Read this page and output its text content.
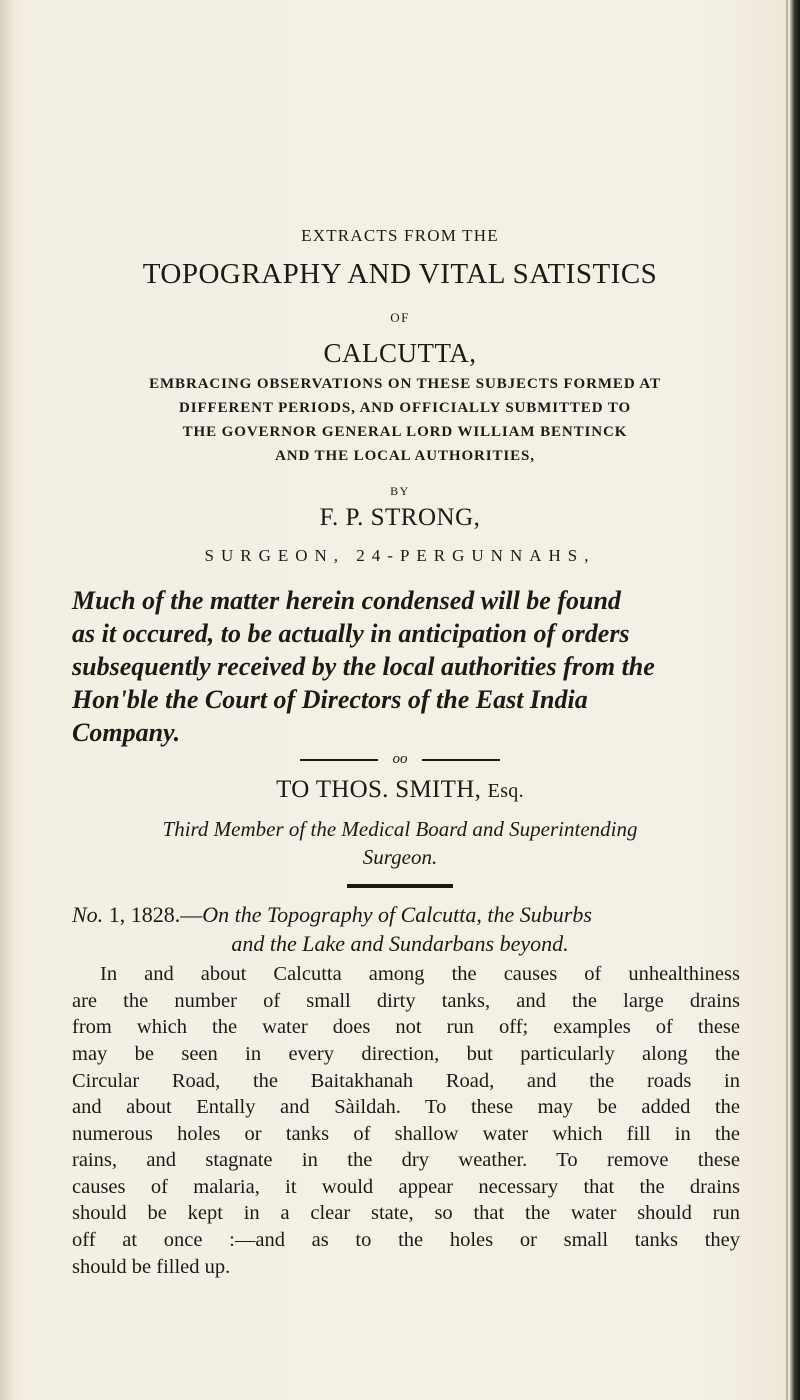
EXTRACTS FROM THE
TOPOGRAPHY AND VITAL SATISTICS
OF
CALCUTTA,
EMBRACING OBSERVATIONS ON THESE SUBJECTS FORMED AT
DIFFERENT PERIODS, AND OFFICIALLY SUBMITTED TO
THE GOVERNOR GENERAL LORD WILLIAM BENTINCK
AND THE LOCAL AUTHORITIES,
BY
F. P. STRONG,
SURGEON, 24-PERGUNNAHS,
Much of the matter herein condensed will be found
as it occured, to be actually in anticipation of orders
subsequently received by the local authorities from the
Hon'ble the Court of Directors of the East India
Company.
oo
TO THOS. SMITH, Esq.
Third Member of the Medical Board and Superintending
Surgeon.
No. 1, 1828.—On the Topography of Calcutta, the Suburbs
and the Lake and Sundarbans beyond.
In and about Calcutta among the causes of unhealthiness
are the number of small dirty tanks, and the large drains
from which the water does not run off; examples of these
may be seen in every direction, but particularly along the
Circular Road, the Baitakhanah Road, and the roads in
and about Entally and Sàildah. To these may be added the
numerous holes or tanks of shallow water which fill in the
rains, and stagnate in the dry weather. To remove these
causes of malaria, it would appear necessary that the drains
should be kept in a clear state, so that the water should run
off at once :—and as to the holes or small tanks they
should be filled up.
